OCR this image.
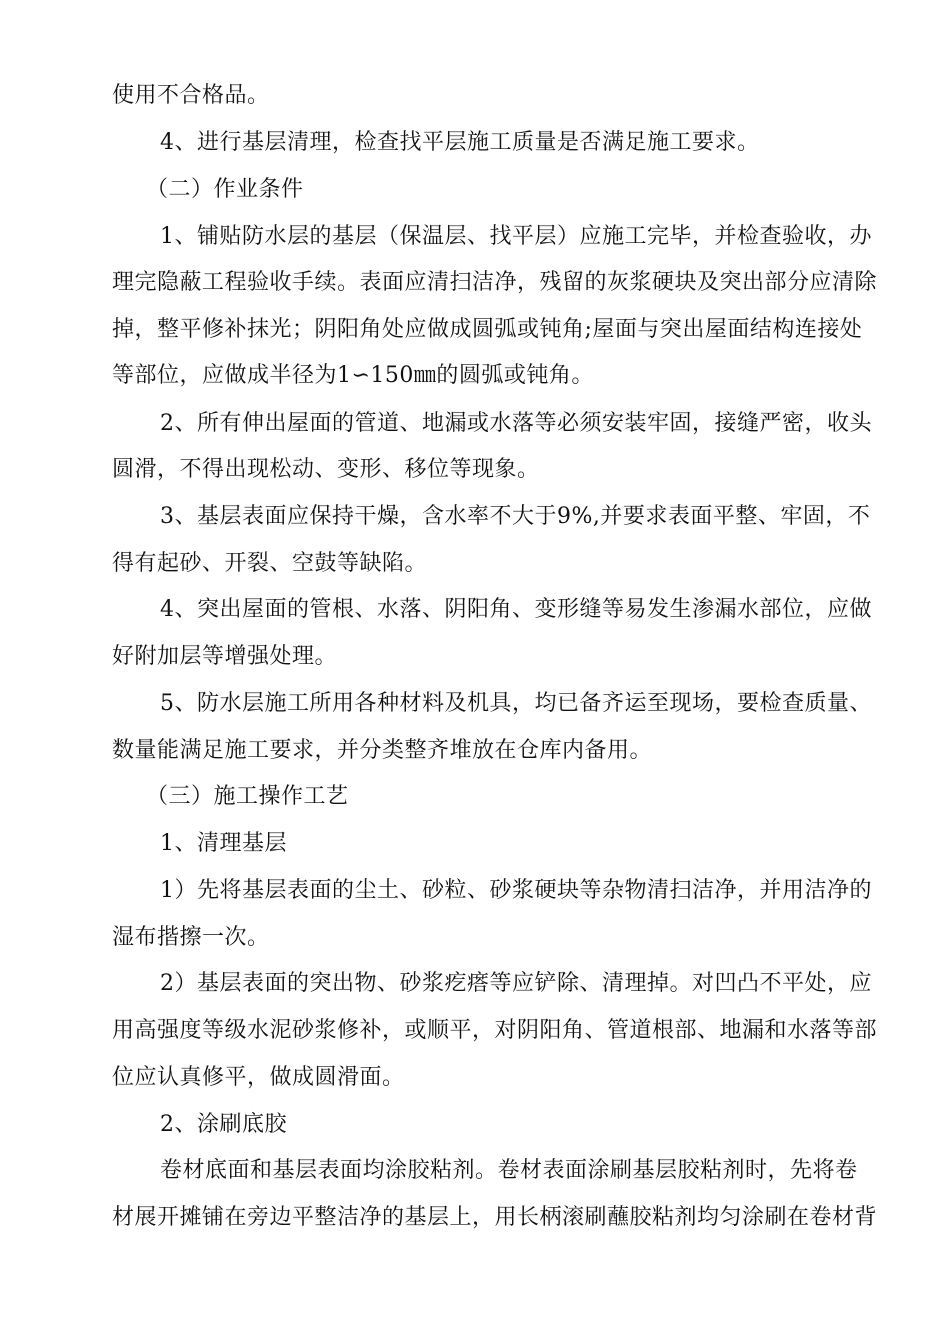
使用不合格品。
4、进行基层清理，检查找平层施工质量是否满足施工要求。
（二）作业条件
1、铺贴防水层的基层（保温层、找平层）应施工完毕，并检查验收，办
理完隐蔽工程验收手续。表面应清扫洁净，残留的灰浆硬块及突出部分应清除
掉，整平修补抹光；阴阳角处应做成圆弧或钝角;屋面与突出屋面结构连接处
等部位，应做成半径为1∽150㎜的圆弧或钝角。
2、所有伸出屋面的管道、地漏或水落等必须安装牢固，接缝严密，收头
圆滑，不得出现松动、变形、移位等现象。
3、基层表面应保持干燥，含水率不大于9%,并要求表面平整、牢固，不
得有起砂、开裂、空鼓等缺陷。
4、突出屋面的管根、水落、阴阳角、变形缝等易发生渗漏水部位，应做
好附加层等增强处理。
5、防水层施工所用各种材料及机具，均已备齐运至现场，要检查质量、
数量能满足施工要求，并分类整齐堆放在仓库内备用。
（三）施工操作工艺
1、清理基层
1）先将基层表面的尘土、砂粒、砂浆硬块等杂物清扫洁净，并用洁净的
湿布揩擦一次。
2）基层表面的突出物、砂浆疙瘩等应铲除、清理掉。对凹凸不平处，应
用高强度等级水泥砂浆修补，或顺平，对阴阳角、管道根部、地漏和水落等部
位应认真修平，做成圆滑面。
2、涂刷底胶
卷材底面和基层表面均涂胶粘剂。卷材表面涂刷基层胶粘剂时，先将卷
材展开摊铺在旁边平整洁净的基层上，用长柄滚刷蘸胶粘剂均匀涂刷在卷材背
